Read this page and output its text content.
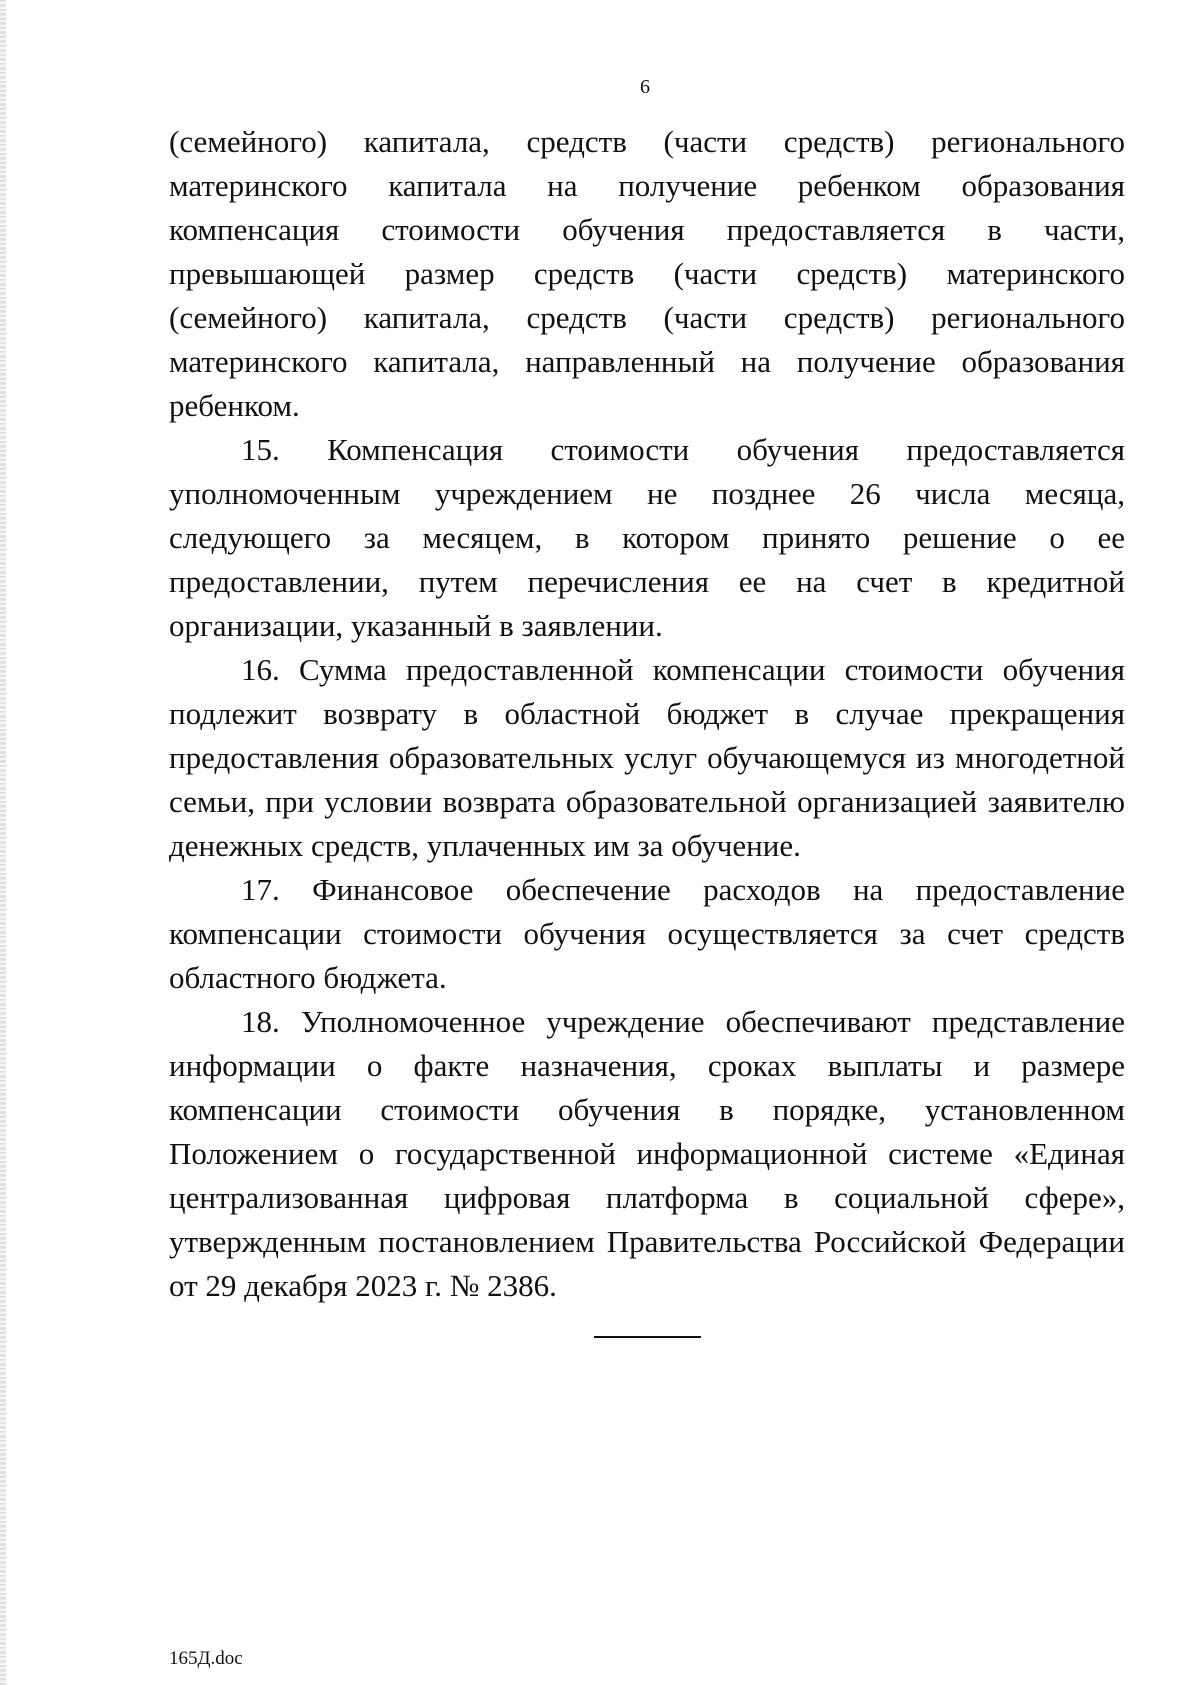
6

(семейного) капитала, средств (части средств) регионального материнского капитала на получение ребенком образования компенсация стоимости обучения предоставляется в части, превышающей размер средств (части средств) материнского (семейного) капитала, средств (части средств) регионального материнского капитала, направленный на получение образования ребенком.

15. Компенсация стоимости обучения предоставляется уполномоченным учреждением не позднее 26 числа месяца, следующего за месяцем, в котором принято решение о ее предоставлении, путем перечисления ее на счет в кредитной организации, указанный в заявлении.

16. Сумма предоставленной компенсации стоимости обучения подлежит возврату в областной бюджет в случае прекращения предоставления образовательных услуг обучающемуся из многодетной семьи, при условии возврата образовательной организацией заявителю денежных средств, уплаченных им за обучение.

17. Финансовое обеспечение расходов на предоставление компенсации стоимости обучения осуществляется за счет средств областного бюджета.

18. Уполномоченное учреждение обеспечивают представление информации о факте назначения, сроках выплаты и размере компенсации стоимости обучения в порядке, установленном Положением о государственной информационной системе «Единая централизованная цифровая платформа в социальной сфере», утвержденным постановлением Правительства Российской Федерации от 29 декабря 2023 г. № 2386.

165Д.doc
